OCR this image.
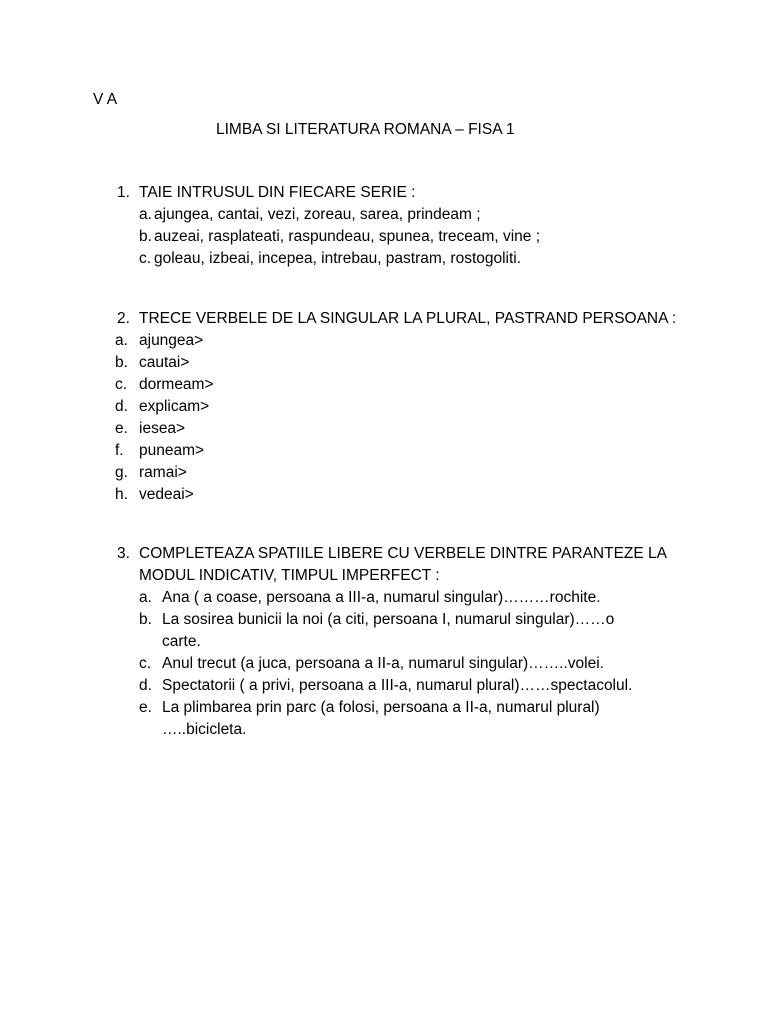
V A
LIMBA SI LITERATURA ROMANA – FISA 1
1. TAIE INTRUSUL DIN FIECARE SERIE :
a. ajungea, cantai, vezi, zoreau, sarea, prindeam ;
b. auzeai, rasplateati, raspundeau, spunea, treceam, vine ;
c. goleau, izbeai, incepea, intrebau, pastram, rostogoliti.
2. TRECE VERBELE DE LA SINGULAR LA PLURAL, PASTRAND PERSOANA :
a. ajungea>
b. cautai>
c. dormeam>
d. explicam>
e. iesea>
f. puneam>
g. ramai>
h. vedeai>
3. COMPLETEAZA SPATIILE LIBERE CU VERBELE DINTRE PARANTEZE LA
MODUL INDICATIV, TIMPUL IMPERFECT :
a. Ana ( a coase, persoana a III-a, numarul singular)………rochite.
b. La sosirea bunicii la noi (a citi, persoana I, numarul singular)……o
carte.
c. Anul trecut (a juca, persoana a II-a, numarul singular)……..volei.
d. Spectatorii ( a privi, persoana a III-a, numarul plural)……spectacolul.
e. La plimbarea prin parc (a folosi, persoana a II-a, numarul plural)
…..bicicleta.
